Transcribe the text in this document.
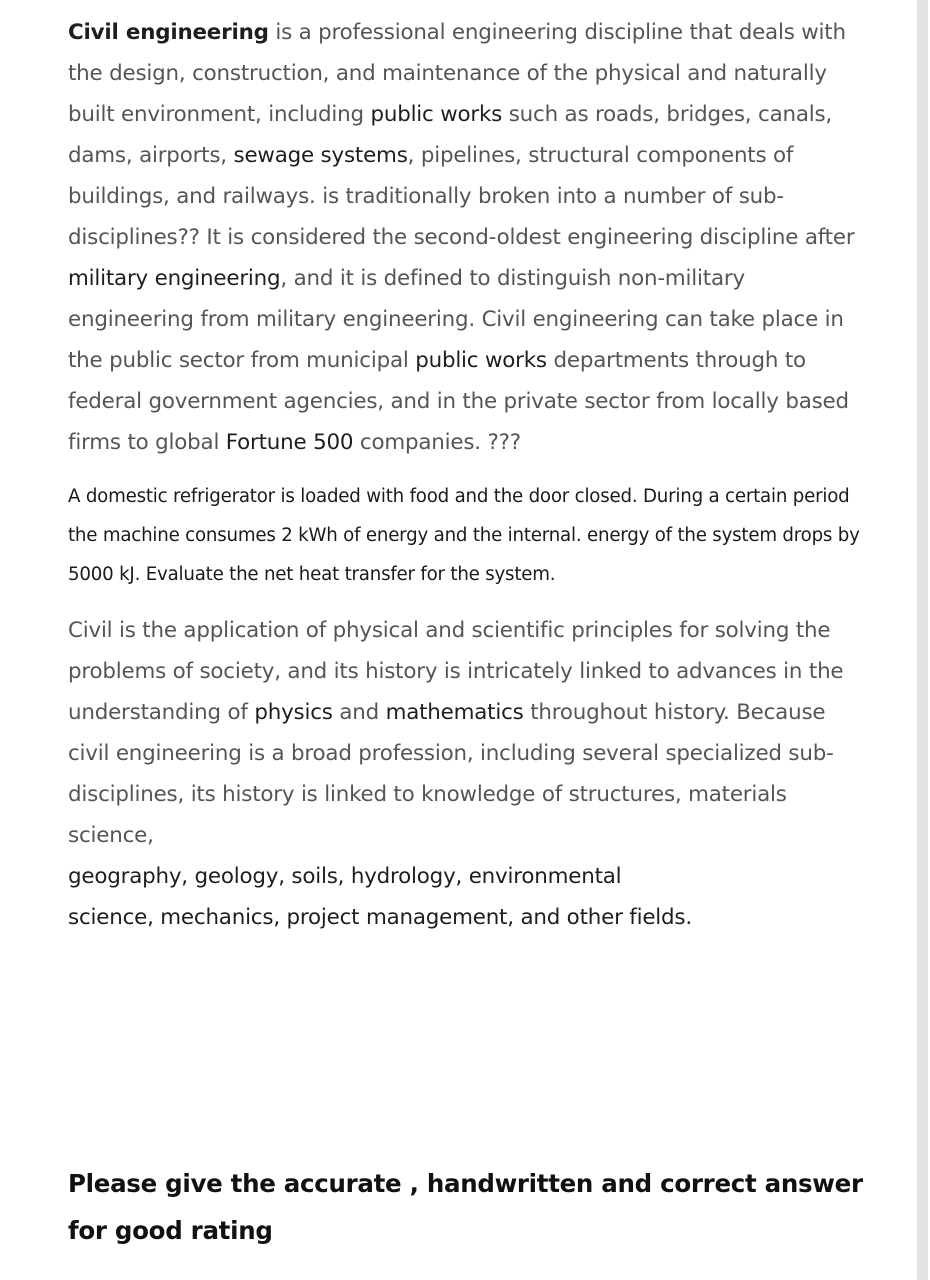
Civil engineering is a professional engineering discipline that deals with the design, construction, and maintenance of the physical and naturally built environment, including public works such as roads, bridges, canals, dams, airports, sewage systems, pipelines, structural components of buildings, and railways. is traditionally broken into a number of sub-disciplines?? It is considered the second-oldest engineering discipline after military engineering, and it is defined to distinguish non-military engineering from military engineering. Civil engineering can take place in the public sector from municipal public works departments through to federal government agencies, and in the private sector from locally based firms to global Fortune 500 companies. ???

A domestic refrigerator is loaded with food and the door closed. During a certain period the machine consumes 2 kWh of energy and the internal. energy of the system drops by 5000 kJ. Evaluate the net heat transfer for the system.

Civil is the application of physical and scientific principles for solving the problems of society, and its history is intricately linked to advances in the understanding of physics and mathematics throughout history. Because civil engineering is a broad profession, including several specialized sub-disciplines, its history is linked to knowledge of structures, materials science,
geography, geology, soils, hydrology, environmental
science, mechanics, project management, and other fields.

Please give the accurate , handwritten and correct answer for good rating
